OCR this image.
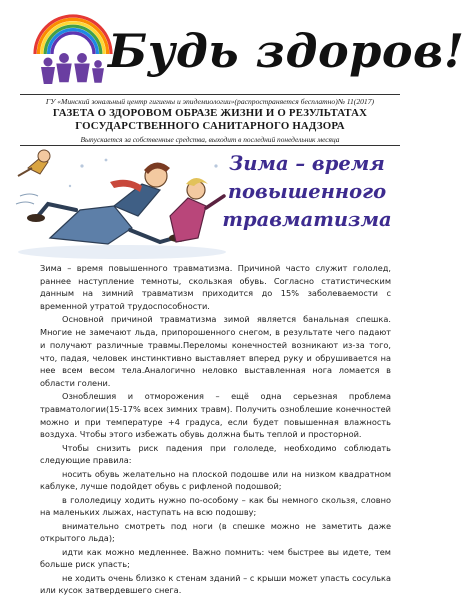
Будь здоров!
ГУ «Минский зональный центр гигиены и эпидемиологии»(распространяется бесплатно)№ 11(2017)
ГАЗЕТА О ЗДОРОВОМ ОБРАЗЕ ЖИЗНИ И О РЕЗУЛЬТАТАХ ГОСУДАРСТВЕННОГО САНИТАРНОГО НАДЗОРА
Выпускается за собственные средства, выходит в последний понедельник месяца
Зима – время повышенного травматизма

Зима – время повышенного травматизма. Причиной часто служит гололед, раннее наступление темноты, скользкая обувь. Согласно статистическим данным на зимний травматизм приходится до 15% заболеваемости с временной утратой трудоспособности.

Основной причиной травматизма зимой является банальная спешка. Многие не замечают льда, припорошенного снегом, в результате чего падают и получают различные травмы.Переломы конечностей возникают из-за того, что, падая, человек инстинктивно выставляет вперед руку и обрушивается на нее всем весом тела.Аналогично неловко выставленная нога ломается в области голени.

Озноблешия и отморожения – ещё одна серьезная проблема травматологии(15-17% всех зимних травм). Получить озноблешие конечностей можно и при температуре +4 градуса, если будет повышенная влажность воздуха. Чтобы этого избежать обувь должна быть теплой и просторной.

Чтобы снизить риск падения при гололеде, необходимо соблюдать следующие правила:

носить обувь желательно на плоской подошве или на низком квадратном каблуке, лучше подойдет обувь с рифленой подошвой;

в гололедицу ходить нужно по-особому – как бы немного скользя, словно на маленьких лыжах, наступать на всю подошву;

внимательно смотреть под ноги (в спешке можно не заметить даже открытого льда);

идти как можно медленнее. Важно помнить: чем быстрее вы идете, тем больше риск упасть;

не ходить очень близко к стенам зданий – с крыши может упасть сосулька или кусок затвердевшего снега.
